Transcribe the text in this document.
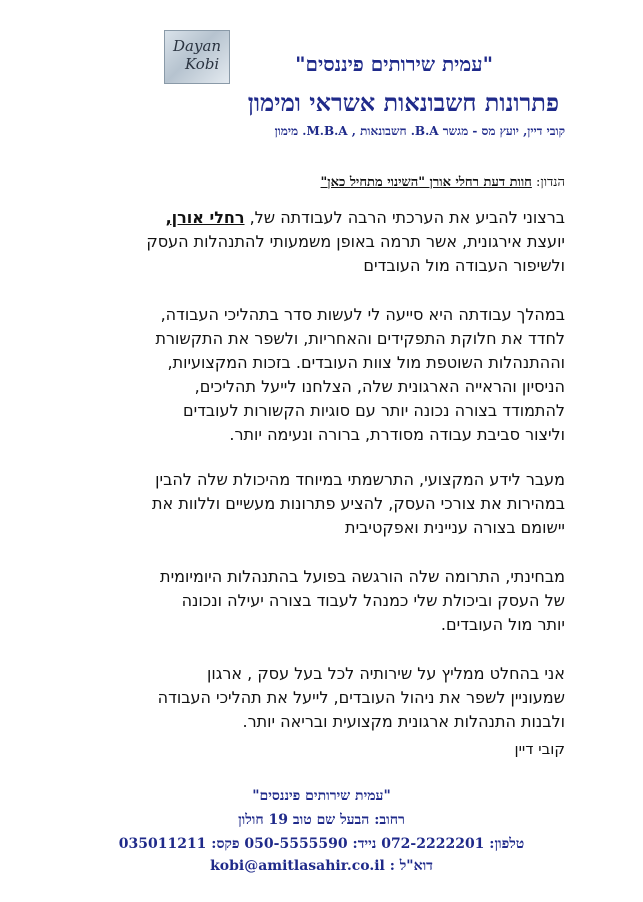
Dayan
Kobi	"עמית שירותים פיננסים"
פתרונות חשבונאות אשראי ומימון
קובי דיין, יועץ מס - מגשר B.A. חשבונאות , M.B.A. מימון
הנדון: חוות דעת רחלי אורן "השינוי מתחיל כאן"
ברצוני להביע את הערכתי הרבה לעבודתה של, רחלי אורן,
יועצת אירגונית, אשר תרמה באופן משמעותי להתנהלות העסק
ולשיפור העבודה מול העובדים
במהלך עבודתה היא סייעה לי לעשות סדר בתהליכי העבודה,
לחדד את חלוקת התפקידים והאחריות, ולשפר את התקשורת
וההתנהלות השוטפת מול צוות העובדים. בזכות המקצועיות,
הניסיון והראייה הארגונית שלה, הצלחנו לייעל תהליכים,
להתמודד בצורה נכונה יותר עם סוגיות הקשורות לעובדים
וליצור סביבת עבודה מסודרת, ברורה ונעימה יותר.
מעבר לידע המקצועי, התרשמתי במיוחד מהיכולת שלה להבין
במהירות את צורכי העסק, להציע פתרונות מעשיים וללוות את
יישומם בצורה עניינית ואפקטיבית
מבחינתי, התרומה שלה הורגשה בפועל בהתנהלות היומיומית
של העסק וביכולת שלי כמנהל לעבוד בצורה יעילה ונכונה
יותר מול העובדים.
אני בהחלט ממליץ על שירותיה לכל בעל עסק , ארגון
שמעוניין לשפר את ניהול העובדים, לייעל את תהליכי העבודה
ולבנות התנהלות ארגונית מקצועית ובריאה יותר.
קובי דיין
"עמית שירותים פיננסים"
רחוב: הבעל שם טוב 19 חולון
טלפון: 072-2222201 נייד: 050-5555590 פקס: 035011211
דוא"ל : kobi@amitlasahir.co.il
